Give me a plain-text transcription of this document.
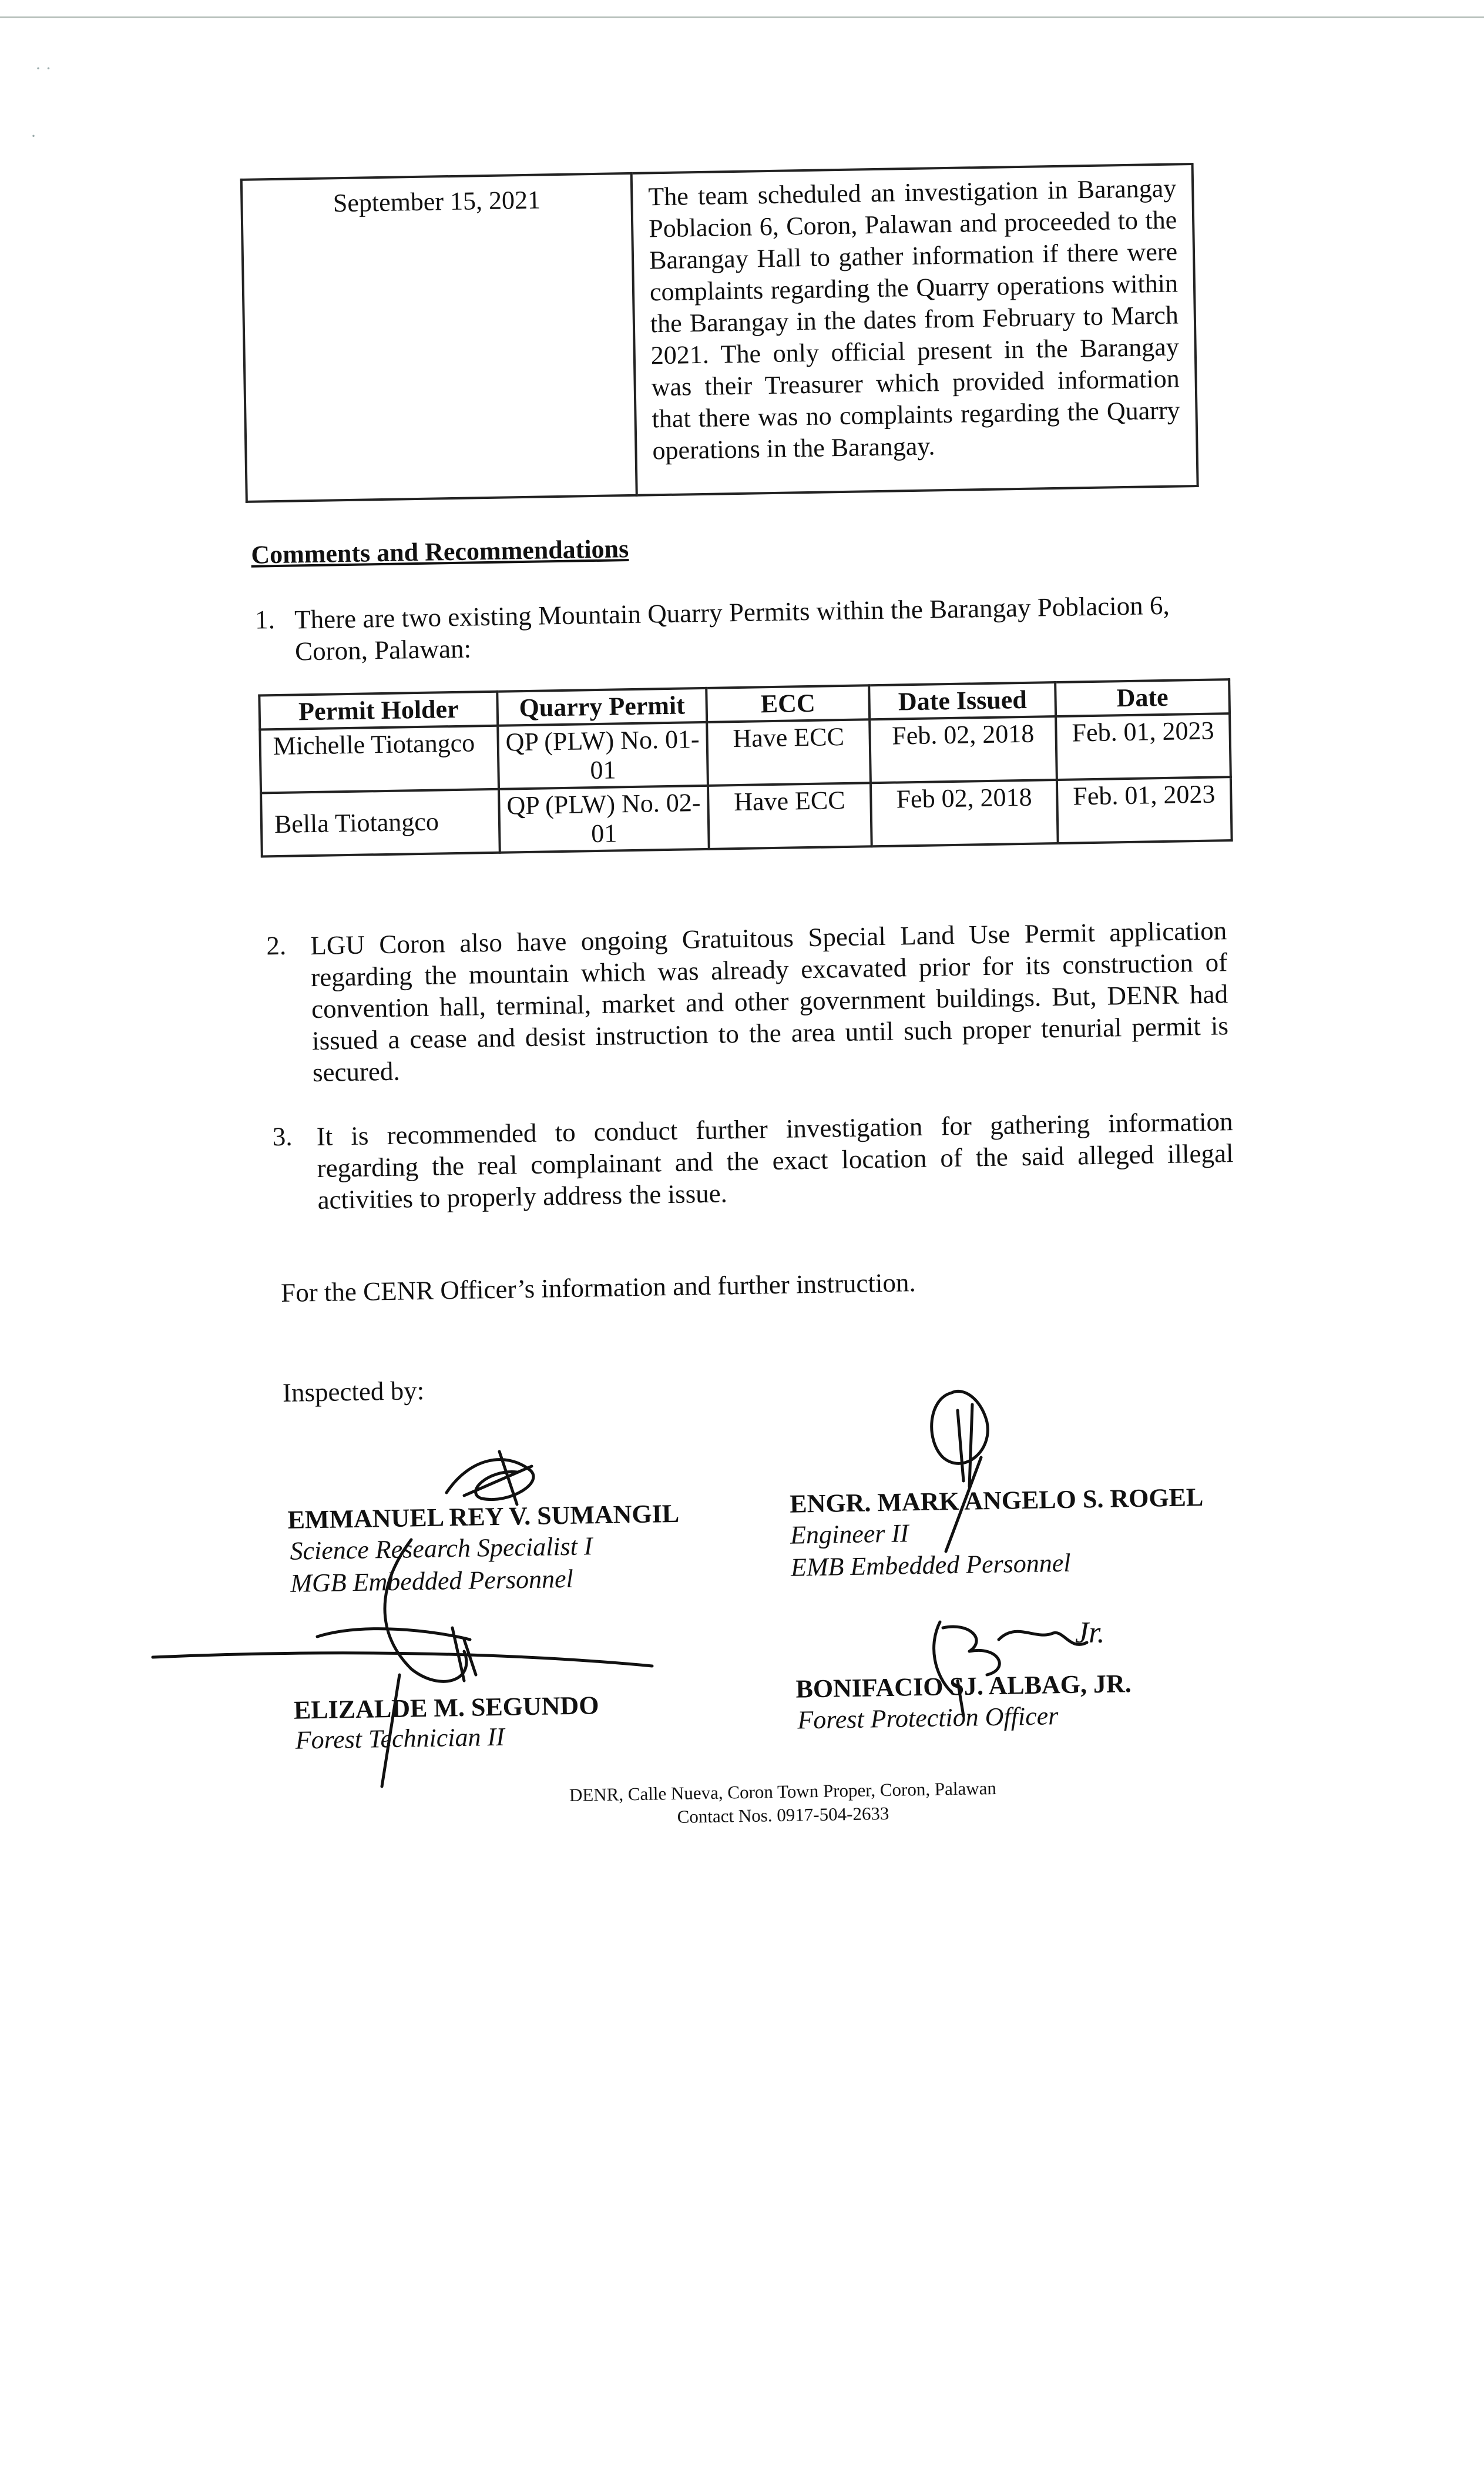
· ·
·
September 15, 2021	The team scheduled an investigation in Barangay Poblacion 6, Coron, Palawan and proceeded to the Barangay Hall to gather information if there were complaints regarding the Quarry operations within the Barangay in the dates from February to March 2021. The only official present in the Barangay was their Treasurer which provided information that there was no complaints regarding the Quarry operations in the Barangay.
Comments and Recommendations
1. There are two existing Mountain Quarry Permits within the Barangay Poblacion 6, Coron, Palawan:
Permit Holder	Quarry Permit	ECC	Date Issued	Date
Michelle Tiotangco	QP (PLW) No. 01-01	Have ECC	Feb. 02, 2018	Feb. 01, 2023
Bella Tiotangco	QP (PLW) No. 02-01	Have ECC	Feb 02, 2018	Feb. 01, 2023
2. LGU Coron also have ongoing Gratuitous Special Land Use Permit application regarding the mountain which was already excavated prior for its construction of convention hall, terminal, market and other government buildings. But, DENR had issued a cease and desist instruction to the area until such proper tenurial permit is secured.
3. It is recommended to conduct further investigation for gathering information regarding the real complainant and the exact location of the said alleged illegal activities to properly address the issue.
For the CENR Officer’s information and further instruction.
Inspected by:
EMMANUEL REY V. SUMANGIL
Science Research Specialist I
MGB Embedded Personnel
ENGR. MARK ANGELO S. ROGEL
Engineer II
EMB Embedded Personnel
ELIZALDE M. SEGUNDO
Forest Technician II
BONIFACIO SJ. ALBAG, JR.
Forest Protection Officer
DENR, Calle Nueva, Coron Town Proper, Coron, Palawan
Contact Nos. 0917-504-2633
Jr.
